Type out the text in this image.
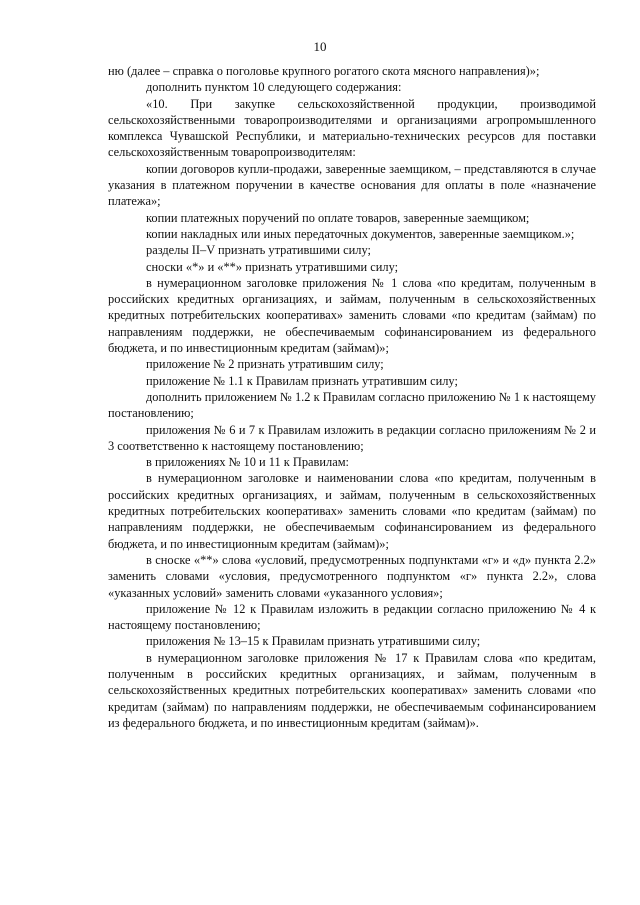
10

ню (далее – справка о поголовье крупного рогатого скота мясного направления)»;

дополнить пунктом 10 следующего содержания:

«10. При закупке сельскохозяйственной продукции, производимой сельскохозяйственными товаропроизводителями и организациями агропромышленного комплекса Чувашской Республики, и материально-технических ресурсов для поставки сельскохозяйственным товаропроизводителям:

копии договоров купли-продажи, заверенные заемщиком, – представляются в случае указания в платежном поручении в качестве основания для оплаты в поле «назначение платежа»;

копии платежных поручений по оплате товаров, заверенные заемщиком;

копии накладных или иных передаточных документов, заверенные заемщиком.»;

разделы II–V признать утратившими силу;

сноски «*» и «**» признать утратившими силу;

в нумерационном заголовке приложения № 1 слова «по кредитам, полученным в российских кредитных организациях, и займам, полученным в сельскохозяйственных кредитных потребительских кооперативах» заменить словами «по кредитам (займам) по направлениям поддержки, не обеспечиваемым софинансированием из федерального бюджета, и по инвестиционным кредитам (займам)»;

приложение № 2 признать утратившим силу;

приложение № 1.1 к Правилам признать утратившим силу;

дополнить приложением № 1.2 к Правилам согласно приложению № 1 к настоящему постановлению;

приложения № 6 и 7 к Правилам изложить в редакции согласно приложениям № 2 и 3 соответственно к настоящему постановлению;

в приложениях № 10 и 11 к Правилам:

в нумерационном заголовке и наименовании слова «по кредитам, полученным в российских кредитных организациях, и займам, полученным в сельскохозяйственных кредитных потребительских кооперативах» заменить словами «по кредитам (займам) по направлениям поддержки, не обеспечиваемым софинансированием из федерального бюджета, и по инвестиционным кредитам (займам)»;

в сноске «**» слова «условий, предусмотренных подпунктами «г» и «д» пункта 2.2» заменить словами «условия, предусмотренного подпунктом «г» пункта 2.2», слова «указанных условий» заменить словами «указанного условия»;

приложение № 12 к Правилам изложить в редакции согласно приложению № 4 к настоящему постановлению;

приложения № 13–15 к Правилам признать утратившими силу;

в нумерационном заголовке приложения № 17 к Правилам слова «по кредитам, полученным в российских кредитных организациях, и займам, полученным в сельскохозяйственных кредитных потребительских кооперативах» заменить словами «по кредитам (займам) по направлениям поддержки, не обеспечиваемым софинансированием из федерального бюджета, и по инвестиционным кредитам (займам)».
